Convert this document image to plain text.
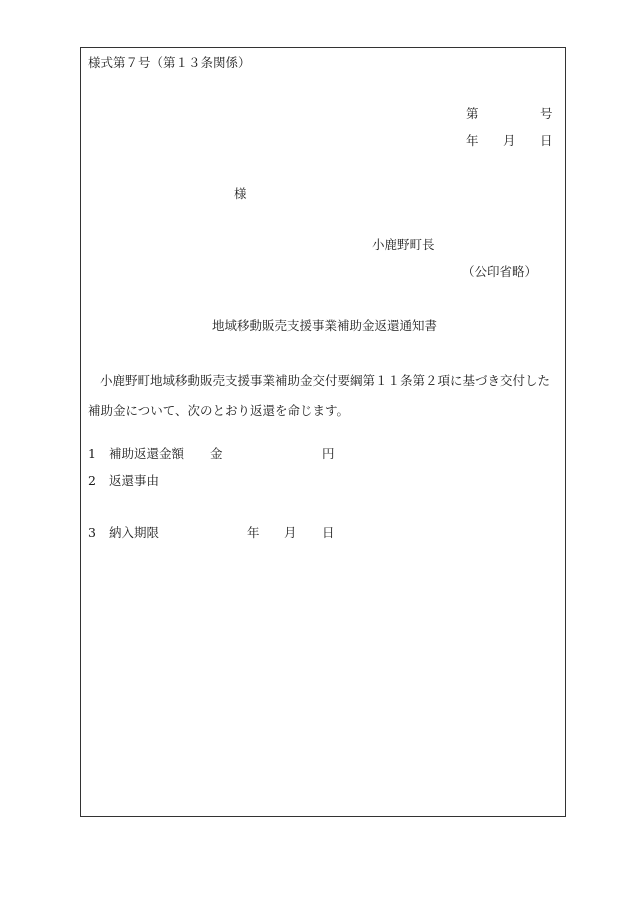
様式第７号（第１３条関係）
第	号
年 月 日
様
小鹿野町長
（公印省略）
地域移動販売支援事業補助金返還通知書
小鹿野町地域移動販売支援事業補助金交付要綱第１１条第２項に基づき交付した補助金について、次のとおり返還を命じます。
1 補助返還金額 金	円
2 返還事由
3 納入期限	年 月 日
